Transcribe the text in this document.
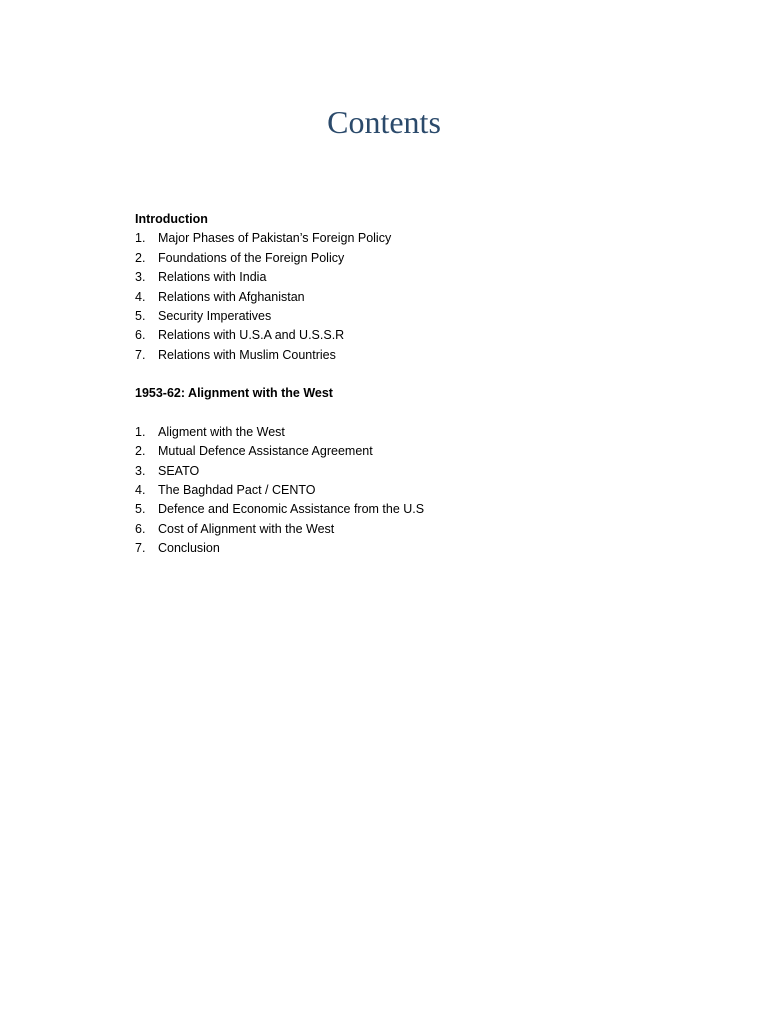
Contents
Introduction
1.	Major Phases of Pakistan’s Foreign Policy
2.	Foundations of the Foreign Policy
3.	Relations with India
4.	Relations with Afghanistan
5.	Security Imperatives
6.	Relations with U.S.A and U.S.S.R
7.	Relations with Muslim Countries
1953-62: Alignment with the West
1.	Aligment with the West
2.	Mutual Defence Assistance Agreement
3.	SEATO
4.	The Baghdad Pact / CENTO
5.	Defence and Economic Assistance from the U.S
6.	Cost of Alignment with the West
7.	Conclusion
